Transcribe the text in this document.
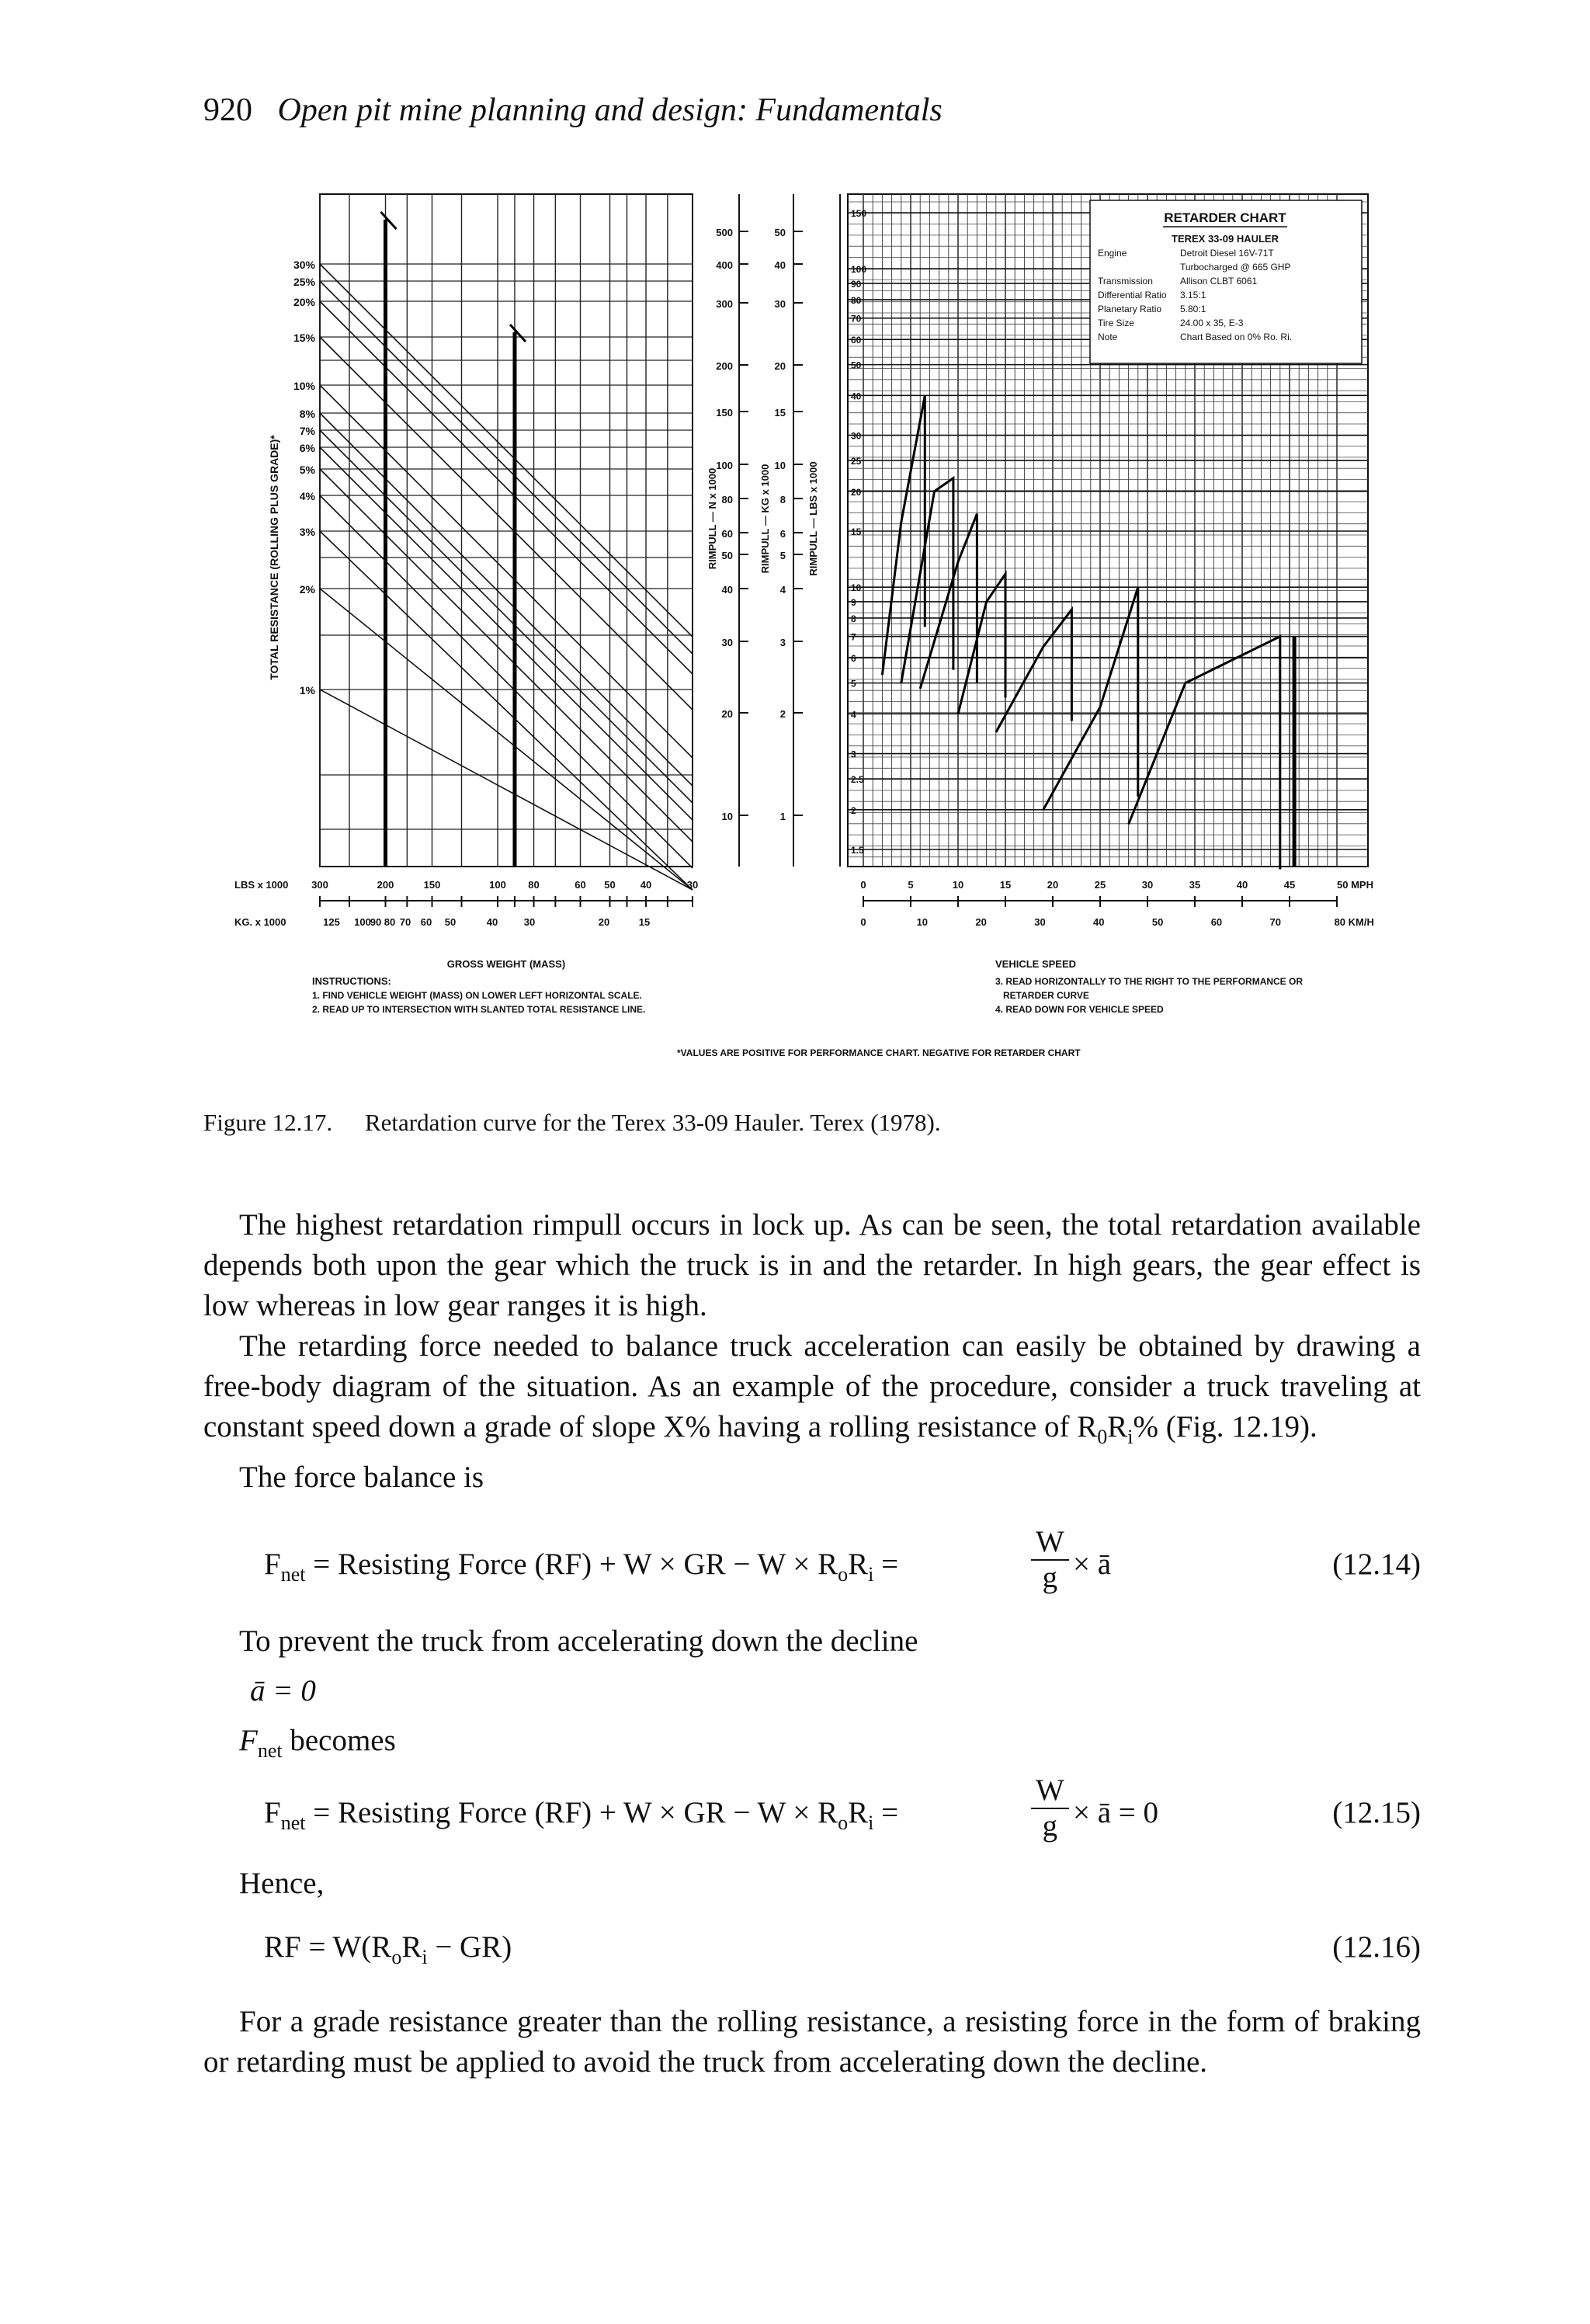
920 Open pit mine planning and design: Fundamentals
30%
25%
20%
15%
10%
8%
7%
6%
5%
4%
3%
2%
1%
TOTAL RESISTANCE (ROLLING PLUS GRADE)*
LBS x 1000 300	200	150	100 80	60 50 40	30
KG. x 1000	125 100
90 80 70 60 50	40	30	20	15
GROSS WEIGHT (MASS)
500
400
300
200
150
100
80
60
50
40
30
20
10
RIMPULL — N x 1000
50
40
30
20
15
10
8
6
5
4
3
2
1
RIMPULL — KG x 1000	RIMPULL — LBS x 1000
1.5
2
2.5
3
4
5
6
7
8
9
10
15
20
25
30
40
50
60
70
80
90
100
150	RETARDER CHART
TEREX 33-09 HAULER
Engine	Detroit Diesel 16V-71T
Turbocharged @ 665 GHP
Transmission	Allison CLBT 6061
Differential Ratio 3.15:1
Planetary Ratio 5.80:1
Tire Size	24.00 x 35, E-3
Note	Chart Based on 0% Ro. Ri.
0	5	10	15	20	25	30	35	40	45	50 MPH
0	10	20	30	40	50	60	70	80 KM/H
VEHICLE SPEED
INSTRUCTIONS:
1. FIND VEHICLE WEIGHT (MASS) ON LOWER LEFT HORIZONTAL SCALE.
2. READ UP TO INTERSECTION WITH SLANTED TOTAL RESISTANCE LINE.
3. READ HORIZONTALLY TO THE RIGHT TO THE PERFORMANCE OR
RETARDER CURVE
4. READ DOWN FOR VEHICLE SPEED
*VALUES ARE POSITIVE FOR PERFORMANCE CHART. NEGATIVE FOR RETARDER CHART
Figure 12.17. Retardation curve for the Terex 33-09 Hauler. Terex (1978).

The highest retardation rimpull occurs in lock up. As can be seen, the total retardation available depends both upon the gear which the truck is in and the retarder. In high gears, the gear effect is low whereas in low gear ranges it is high.

The retarding force needed to balance truck acceleration can easily be obtained by drawing a free-body diagram of the situation. As an example of the procedure, consider a truck traveling at constant speed down a grade of slope X% having a rolling resistance of $R_0R_i\%$ (Fig. 12.19).

The force balance is

$F_{net}$ = Resisting Force (RF) + W × GR − $W \times R_oR_i$ =	$\frac{W}{g}$ × ā	(12.14)

To prevent the truck from accelerating down the decline

ā = 0

$F_{net}$ becomes

$F_{net}$ = Resisting Force (RF) + W × GR − $W \times R_oR_i$ =	$\frac{W}{g}$ × ā = 0	(12.15)

Hence,

RF = $W(R_oR_i - GR)$	(12.16)

For a grade resistance greater than the rolling resistance, a resisting force in the form of braking or retarding must be applied to avoid the truck from accelerating down the decline.
